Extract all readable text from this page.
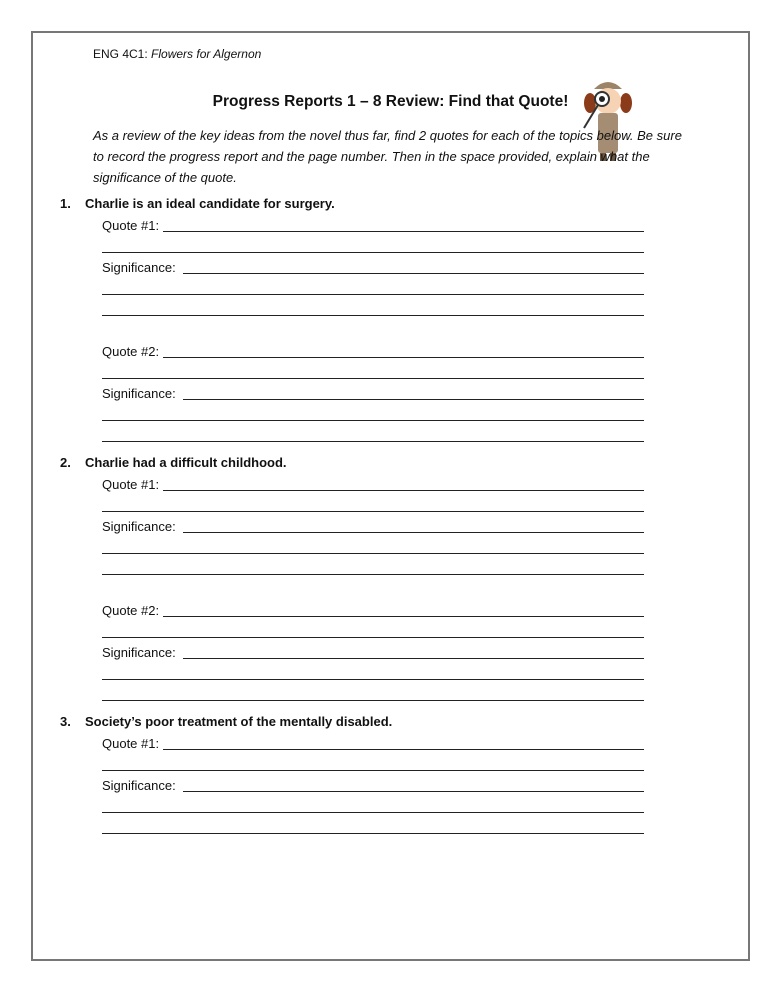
ENG 4C1: Flowers for Algernon
Progress Reports 1 – 8 Review: Find that Quote!
As a review of the key ideas from the novel thus far, find 2 quotes for each of the topics below. Be sure to record the progress report and the page number. Then in the space provided, explain what the significance of the quote.
1.	Charlie is an ideal candidate for surgery.
Quote #1:
Significance:
Quote #2:
Significance:
2.	Charlie had a difficult childhood.
Quote #1:
Significance:
Quote #2:
Significance:
3.	Society’s poor treatment of the mentally disabled.
Quote #1:
Significance:
